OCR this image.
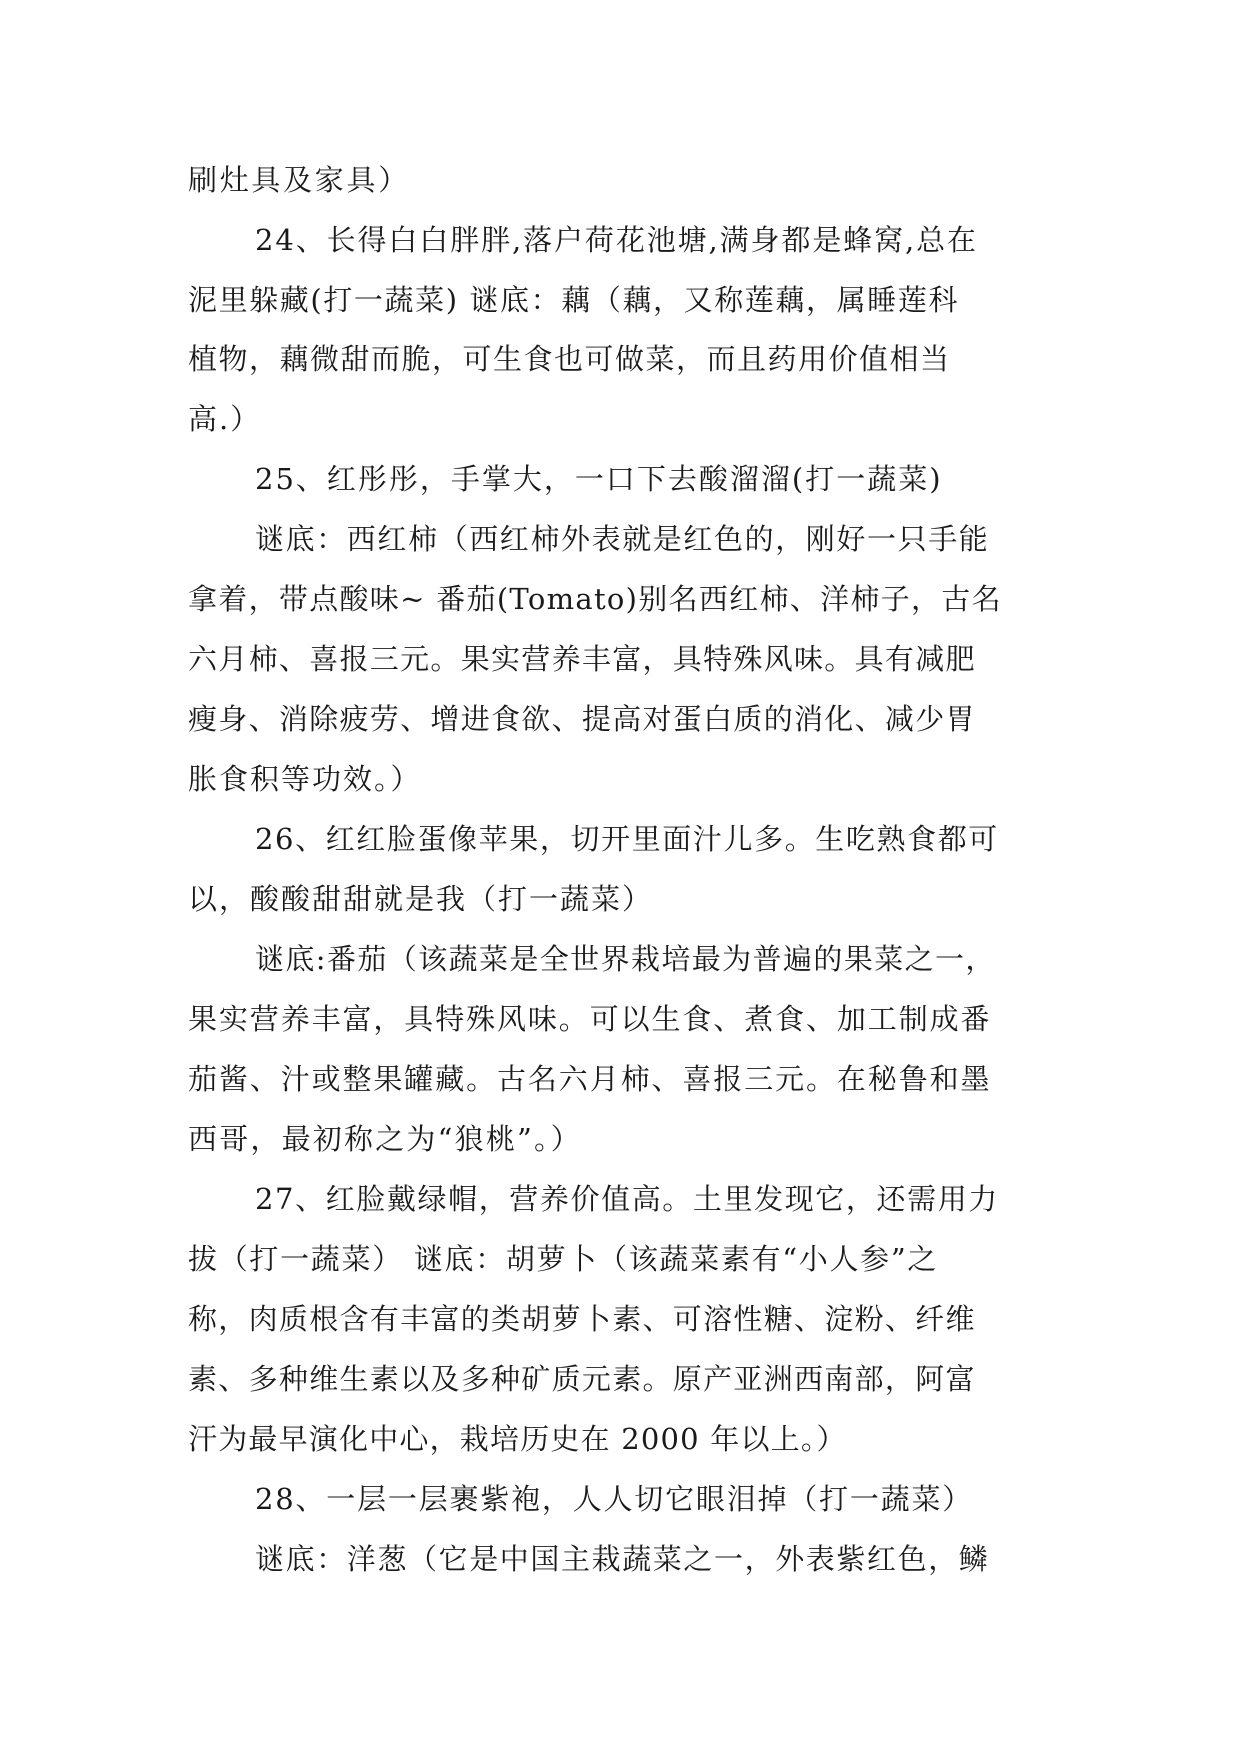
刷灶具及家具）

24、长得白白胖胖,落户荷花池塘,满身都是蜂窝,总在

泥里躲藏(打一蔬菜) 谜底：藕（藕，又称莲藕，属睡莲科

植物，藕微甜而脆，可生食也可做菜，而且药用价值相当

高.）

25、红彤彤，手掌大，一口下去酸溜溜(打一蔬菜)

谜底：西红柿（西红柿外表就是红色的，刚好一只手能

拿着，带点酸味~ 番茄(Tomato)别名西红柿、洋柿子，古名

六月柿、喜报三元。果实营养丰富，具特殊风味。具有减肥

瘦身、消除疲劳、增进食欲、提高对蛋白质的消化、减少胃

胀食积等功效。）

26、红红脸蛋像苹果，切开里面汁儿多。生吃熟食都可

以，酸酸甜甜就是我（打一蔬菜）

谜底:番茄（该蔬菜是全世界栽培最为普遍的果菜之一，

果实营养丰富，具特殊风味。可以生食、煮食、加工制成番

茄酱、汁或整果罐藏。古名六月柿、喜报三元。在秘鲁和墨

西哥，最初称之为“狼桃”。）

27、红脸戴绿帽，营养价值高。土里发现它，还需用力

拔（打一蔬菜） 谜底：胡萝卜（该蔬菜素有“小人参”之

称，肉质根含有丰富的类胡萝卜素、可溶性糖、淀粉、纤维

素、多种维生素以及多种矿质元素。原产亚洲西南部，阿富

汗为最早演化中心，栽培历史在 2000 年以上。）

28、一层一层裹紫袍，人人切它眼泪掉（打一蔬菜）

谜底：洋葱（它是中国主栽蔬菜之一，外表紫红色，鳞
